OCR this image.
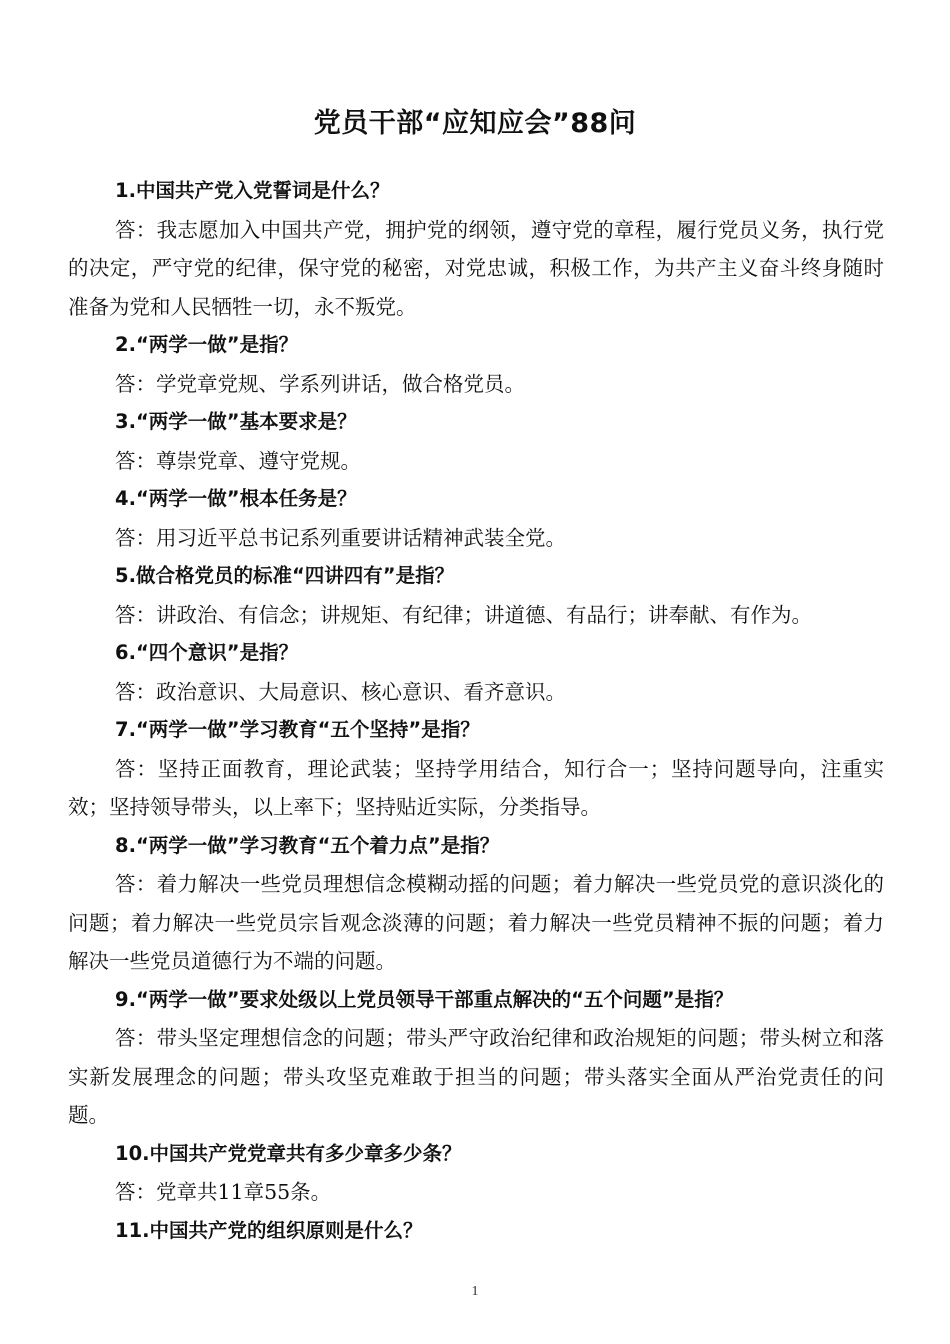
党员干部“应知应会”88问

1.中国共产党入党誓词是什么？

答：我志愿加入中国共产党，拥护党的纲领，遵守党的章程，履行党员义务，执行党的决定，严守党的纪律，保守党的秘密，对党忠诚，积极工作，为共产主义奋斗终身随时准备为党和人民牺牲一切，永不叛党。

2.“两学一做”是指？

答：学党章党规、学系列讲话，做合格党员。

3.“两学一做”基本要求是？

答：尊崇党章、遵守党规。

4.“两学一做”根本任务是？

答：用习近平总书记系列重要讲话精神武装全党。

5.做合格党员的标准“四讲四有”是指？

答：讲政治、有信念；讲规矩、有纪律；讲道德、有品行；讲奉献、有作为。

6.“四个意识”是指？

答：政治意识、大局意识、核心意识、看齐意识。

7.“两学一做”学习教育“五个坚持”是指？

答：坚持正面教育，理论武装；坚持学用结合，知行合一；坚持问题导向，注重实效；坚持领导带头，以上率下；坚持贴近实际，分类指导。

8.“两学一做”学习教育“五个着力点”是指？

答：着力解决一些党员理想信念模糊动摇的问题；着力解决一些党员党的意识淡化的问题；着力解决一些党员宗旨观念淡薄的问题；着力解决一些党员精神不振的问题；着力解决一些党员道德行为不端的问题。

9.“两学一做”要求处级以上党员领导干部重点解决的“五个问题”是指？

答：带头坚定理想信念的问题；带头严守政治纪律和政治规矩的问题；带头树立和落实新发展理念的问题；带头攻坚克难敢于担当的问题；带头落实全面从严治党责任的问题。

10.中国共产党党章共有多少章多少条？

答：党章共11章55条。

11.中国共产党的组织原则是什么？

1
